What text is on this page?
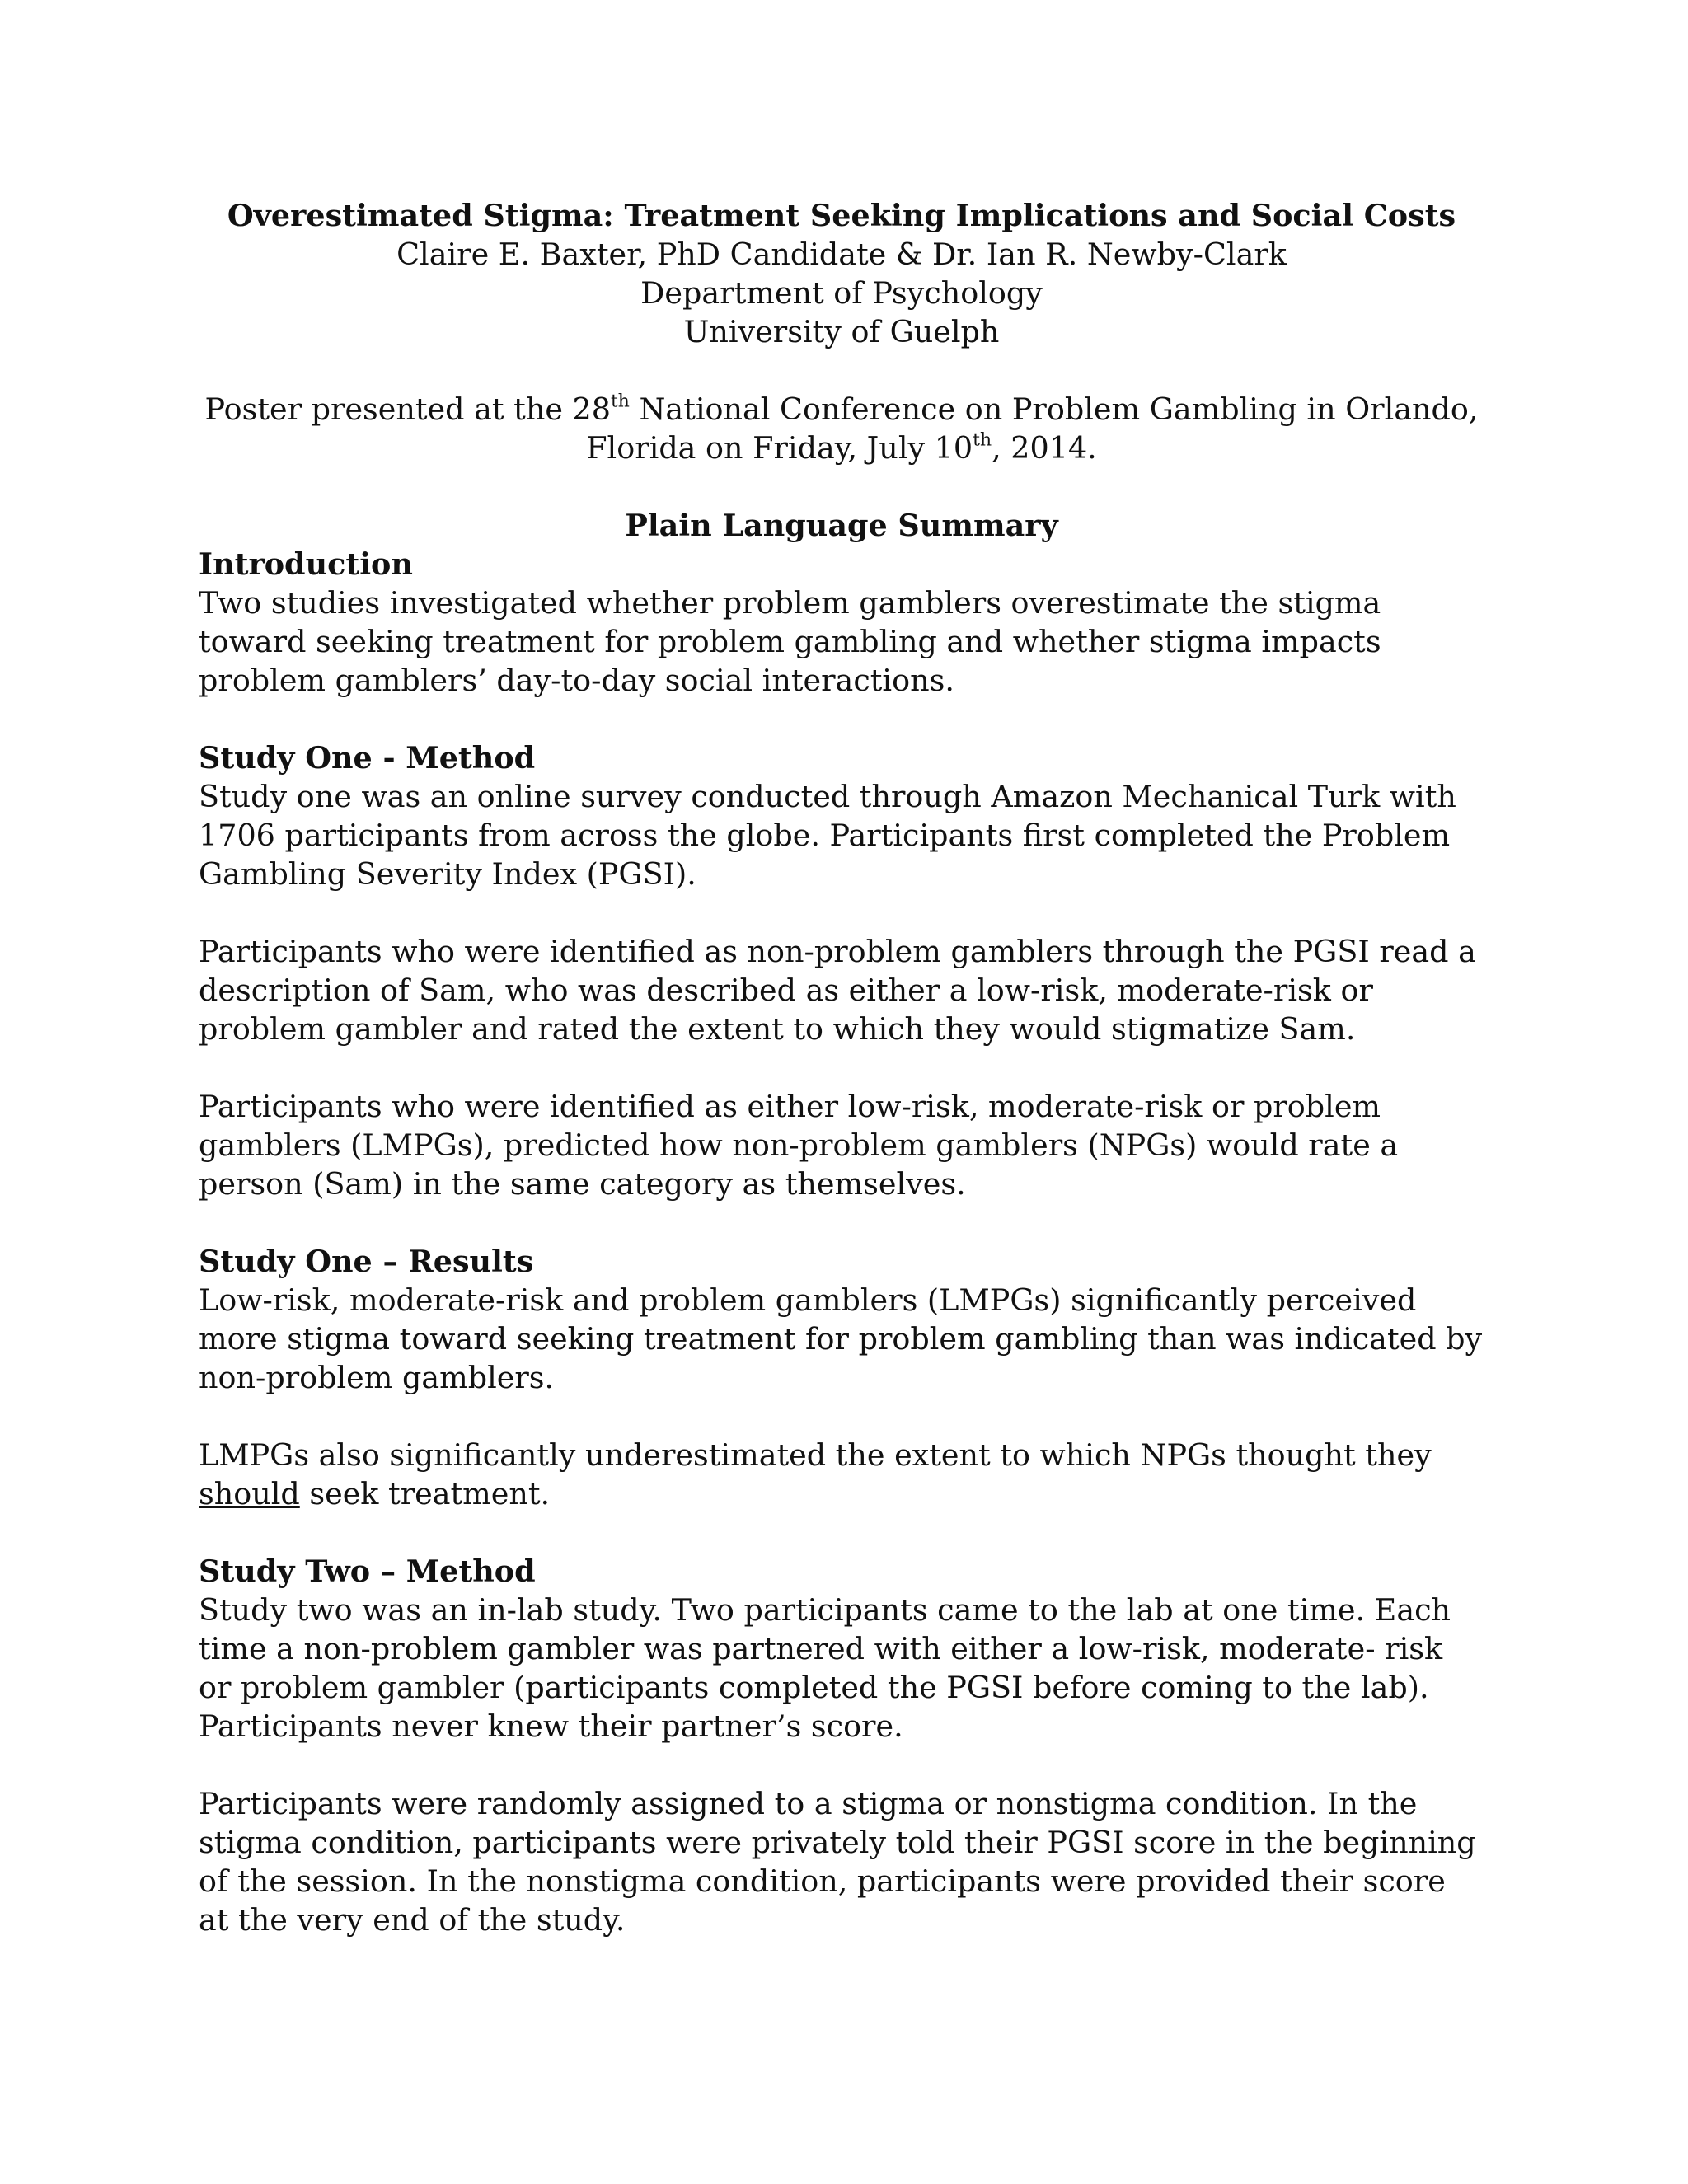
Overestimated Stigma: Treatment Seeking Implications and Social Costs

Claire E. Baxter, PhD Candidate & Dr. Ian R. Newby-Clark

Department of Psychology

University of Guelph

Poster presented at the 28th National Conference on Problem Gambling in Orlando, Florida on Friday, July 10th, 2014.

Plain Language Summary

Introduction

Two studies investigated whether problem gamblers overestimate the stigma toward seeking treatment for problem gambling and whether stigma impacts problem gamblers’ day-to-day social interactions.

Study One - Method

Study one was an online survey conducted through Amazon Mechanical Turk with 1706 participants from across the globe. Participants first completed the Problem Gambling Severity Index (PGSI).

Participants who were identified as non-problem gamblers through the PGSI read a description of Sam, who was described as either a low-risk, moderate-risk or problem gambler and rated the extent to which they would stigmatize Sam.

Participants who were identified as either low-risk, moderate-risk or problem gamblers (LMPGs), predicted how non-problem gamblers (NPGs) would rate a person (Sam) in the same category as themselves.

Study One – Results

Low-risk, moderate-risk and problem gamblers (LMPGs) significantly perceived more stigma toward seeking treatment for problem gambling than was indicated by non-problem gamblers.

LMPGs also significantly underestimated the extent to which NPGs thought they should seek treatment.

Study Two – Method

Study two was an in-lab study. Two participants came to the lab at one time. Each time a non-problem gambler was partnered with either a low-risk, moderate- risk or problem gambler (participants completed the PGSI before coming to the lab). Participants never knew their partner’s score.

Participants were randomly assigned to a stigma or nonstigma condition. In the stigma condition, participants were privately told their PGSI score in the beginning of the session. In the nonstigma condition, participants were provided their score at the very end of the study.
